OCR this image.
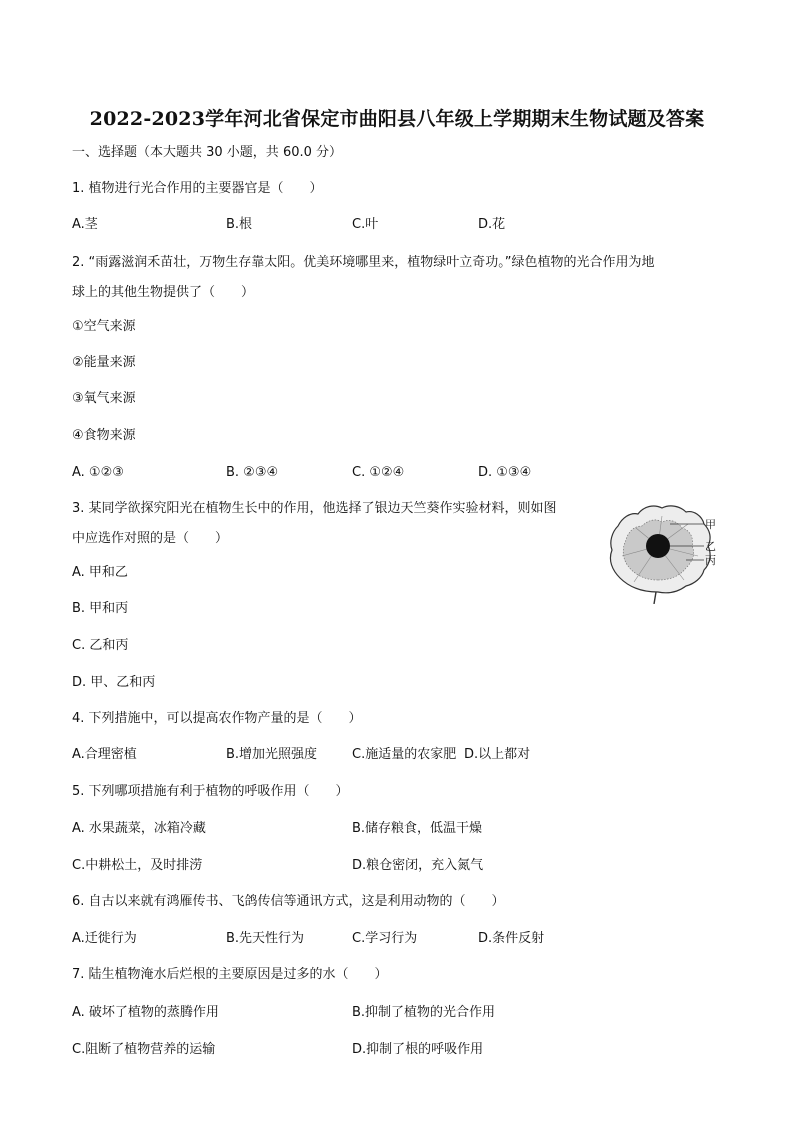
2022-2023学年河北省保定市曲阳县八年级上学期期末生物试题及答案
一、选择题（本大题共 30 小题，共 60.0 分）
1. 植物进行光合作用的主要器官是（　　）
A.茎	B.根	C.叶	D.花
2. “雨露滋润禾苗壮，万物生存靠太阳。优美环境哪里来，植物绿叶立奇功。”绿色植物的光合作用为地
球上的其他生物提供了（　　）
①空气来源
②能量来源
③氧气来源
④食物来源
A. ①②③	B. ②③④	C. ①②④	D. ①③④
3. 某同学欲探究阳光在植物生长中的作用，他选择了银边天竺葵作实验材料，则如图
中应选作对照的是（　　）
A. 甲和乙
B. 甲和丙
C. 乙和丙
D. 甲、乙和丙
甲
乙
丙
4. 下列措施中，可以提高农作物产量的是（　　）
A.合理密植	B.增加光照强度	C.施适量的农家肥 D.以上都对
5. 下列哪项措施有利于植物的呼吸作用（　　）
A. 水果蔬菜，冰箱冷藏	B.储存粮食，低温干燥
C.中耕松土，及时排涝	D.粮仓密闭，充入氮气
6. 自古以来就有鸿雁传书、飞鸽传信等通讯方式，这是利用动物的（　　）
A.迁徙行为	B.先天性行为	C.学习行为	D.条件反射
7. 陆生植物淹水后烂根的主要原因是过多的水（　　）
A. 破坏了植物的蒸腾作用	B.抑制了植物的光合作用
C.阻断了植物营养的运输	D.抑制了根的呼吸作用
